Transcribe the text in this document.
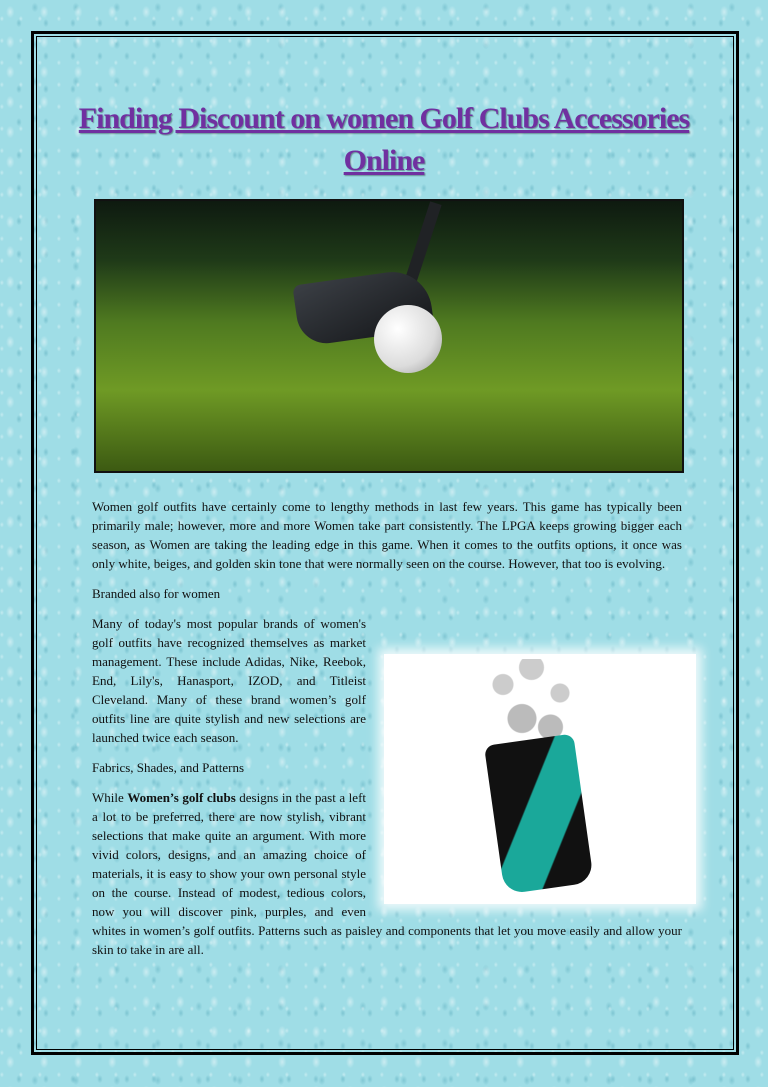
Finding Discount on women Golf Clubs Accessories Online

Women golf outfits have certainly come to lengthy methods in last few years. This game has typically been primarily male; however, more and more Women take part consistently. The LPGA keeps growing bigger each season, as Women are taking the leading edge in this game. When it comes to the outfits options, it once was only white, beiges, and golden skin tone that were normally seen on the course. However, that too is evolving.

Branded also for women

Many of today's most popular brands of women's golf outfits have recognized themselves as market management. These include Adidas, Nike, Reebok, End, Lily's, Hanasport, IZOD, and Titleist Cleveland. Many of these brand women’s golf outfits line are quite stylish and new selections are launched twice each season.

Fabrics, Shades, and Patterns

While Women’s golf clubs designs in the past a left a lot to be preferred, there are now stylish, vibrant selections that make quite an argument. With more vivid colors, designs, and an amazing choice of materials, it is easy to show your own personal style on the course. Instead of modest, tedious colors, now you will discover pink, purples, and even whites in women’s golf outfits. Patterns such as paisley and components that let you move easily and allow your skin to take in are all.
